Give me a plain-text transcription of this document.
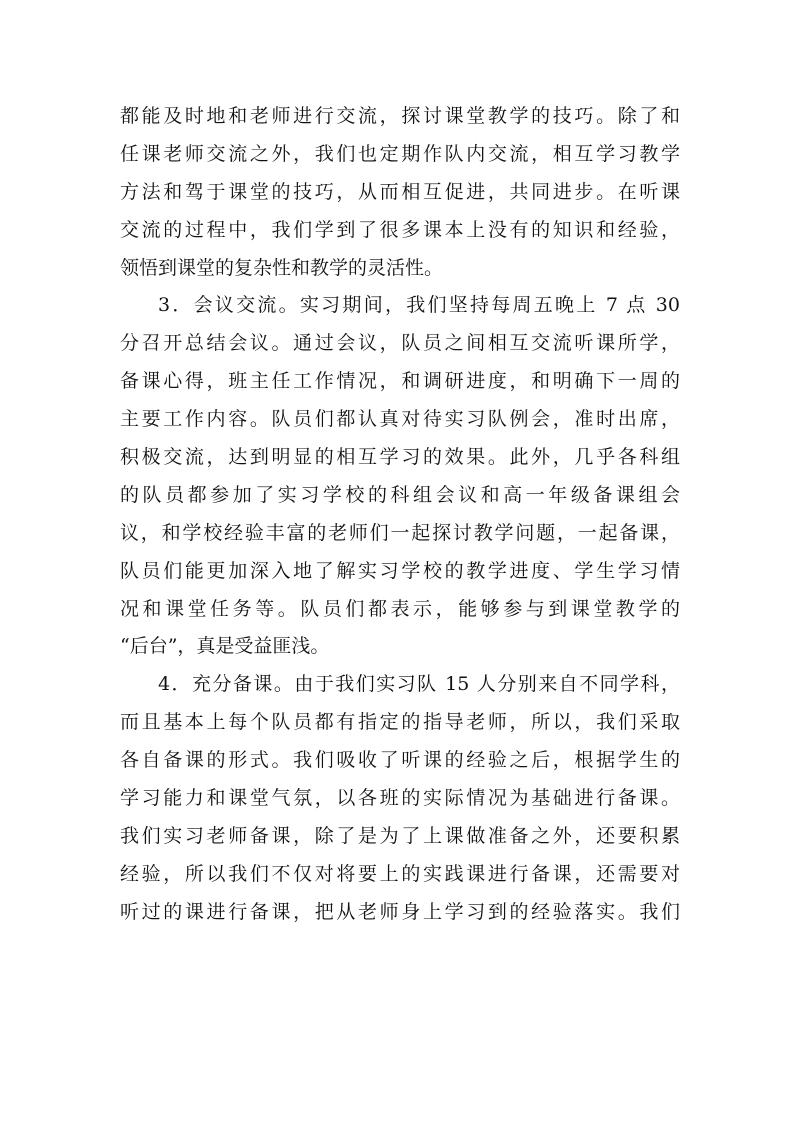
都能及时地和老师进行交流，探讨课堂教学的技巧。除了和
任课老师交流之外，我们也定期作队内交流，相互学习教学
方法和驾于课堂的技巧，从而相互促进，共同进步。在听课
交流的过程中，我们学到了很多课本上没有的知识和经验，
领悟到课堂的复杂性和教学的灵活性。
3．会议交流。实习期间，我们坚持每周五晚上 7 点 30
分召开总结会议。通过会议，队员之间相互交流听课所学，
备课心得，班主任工作情况，和调研进度，和明确下一周的
主要工作内容。队员们都认真对待实习队例会，准时出席，
积极交流，达到明显的相互学习的效果。此外，几乎各科组
的队员都参加了实习学校的科组会议和高一年级备课组会
议，和学校经验丰富的老师们一起探讨教学问题，一起备课，
队员们能更加深入地了解实习学校的教学进度、学生学习情
况和课堂任务等。队员们都表示，能够参与到课堂教学的
“后台”，真是受益匪浅。
4．充分备课。由于我们实习队 15 人分别来自不同学科，
而且基本上每个队员都有指定的指导老师，所以，我们采取
各自备课的形式。我们吸收了听课的经验之后，根据学生的
学习能力和课堂气氛，以各班的实际情况为基础进行备课。
我们实习老师备课，除了是为了上课做准备之外，还要积累
经验，所以我们不仅对将要上的实践课进行备课，还需要对
听过的课进行备课，把从老师身上学习到的经验落实。我们
